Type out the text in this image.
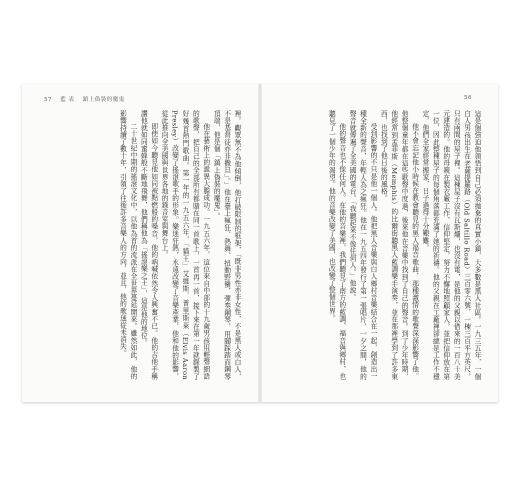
57 藍 表 鎮上偽裝的魔鬼

裡。觀眾無不為他傾倒，他打破限制的框架，「既非男性亦非女性，不是黑人或白人，不是基督徒亦非撒旦」。」他在臺上瘋狂、熱舞、扭動野蠻，彈奏鋼琴，用腳踩踏而鋼琴頂端，他是個「鎮上偽裝的魔鬼」。

他在藝術上的詭異大膽成功。一九五六年，這位來自中部的十九歲男孩用輕聲細語的歌聲，把自己的全部所有都賭在同一首歌上，一首再一首，接下來在第一年就錄製了好幾首熱門歌曲。第一年的一九五六年，「貓王」艾維斯．普里斯萊（Elvis Aaron Presley）改變了搖滾歌手的形象。樂迷狂熱，永遠改變了音樂產業，他和他的影響，從此推向全美國與世界各地的錄音室與舞台上。

即使如今聽見他如同被點燃般的嗓音，他的吶喊依然令人興奮不已。他的吉他手稱讚他就如同蜜蜂般不斷地飛舞，他們稱他為「搖滾樂之王」，這是他的地位。

二十世紀中期的搖滾文化中，以他為首的流派在全世界蔓延開來。雖然如此，他的影響持續了數十年，引領了往後許多音樂人的方向，並且，他的歌迷從未消失。

56

這是個強迫他領悟到自己必須拋棄的真實小鎮，大多數是黑人社區。一九三五年，一個白人男孩出生在老薩提羅路（Old Saltillo Road）三百零六號，一棟三百平方英尺，只有兩間的屋子裡。這棟屋子沒有瓦斯爐，也沒有電，是他的父親以借來的一百八十美元建造的。他的母親在製衣廠工作，信仰堅定，努力不懈地照顧家人，並把信仰放在第一位，因此整棟屋子的每個角落都充滿了她的祈禱。他的父親在工廠裡卻總是工作不穩定，他們全家經常搬家，日子過得十分艱難。

他不會忘記他小時候在教會聽見的黑人福音歌曲，那種激情的歌聲深深影響了他。他整個童年都在這些歌聲中度過，後來他在音樂中找到了自己的聲音。到了少年時期，他經常到孟菲斯（Memphis）的比爾街聽黑人藍調樂手演奏，並在那裡學到了許多東西，也找到了他日後的風格。

受到影響的不只是他一個人。他把黑人音樂與白人鄉村音樂結合在一起，創造出一種全新的聲音，年輕人為之瘋狂。他在一九五四年發行了第一張唱片，一夕之間，他的聲音就傳遍了全美國的電台。「我聽起來不像任何人。」他說。

他的聲音也不像任何人。在他的音樂裡，我們聽見了南方的藍調、福音與鄉村，也聽見了一個少年的渴望。他的音樂改變了美國，也改變了整個世界。
